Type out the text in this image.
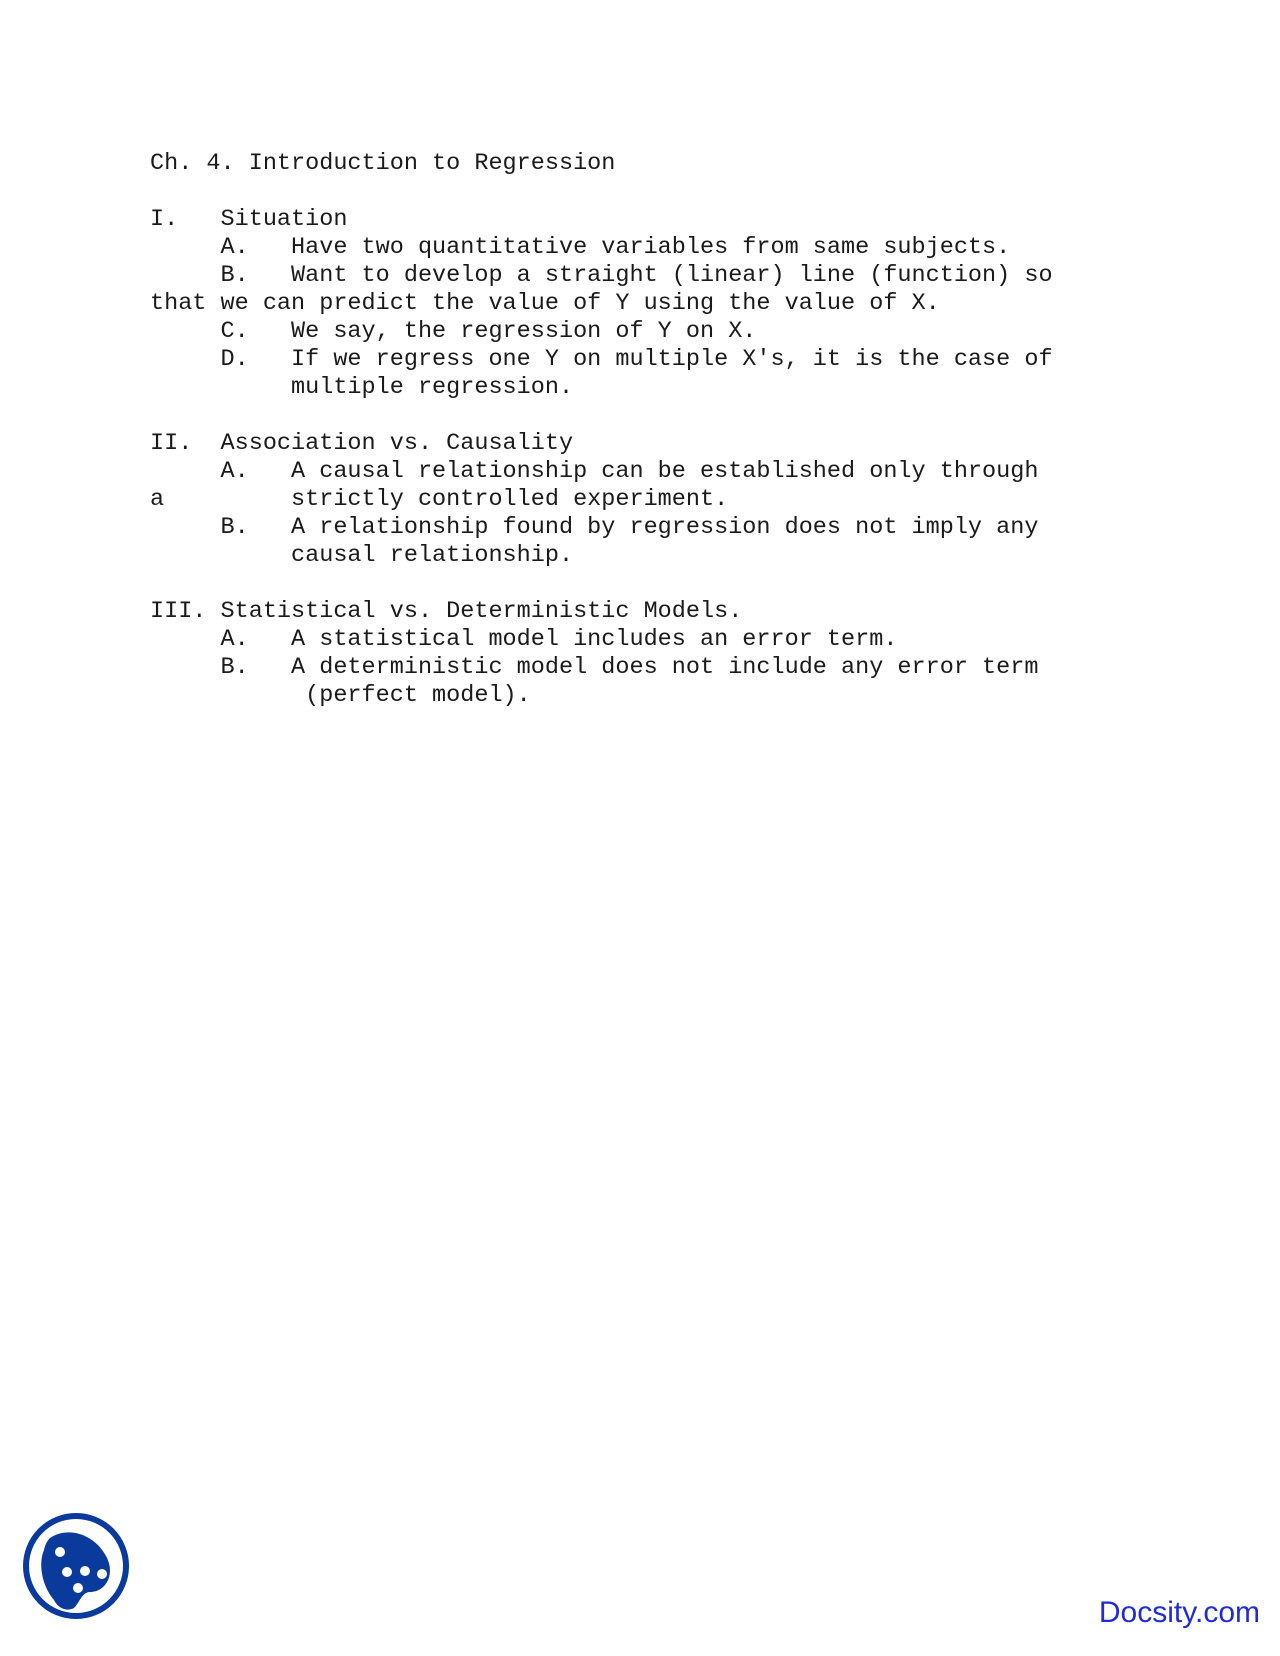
Ch. 4. Introduction to Regression

I.   Situation

A.   Have two quantitative variables from same subjects.

B.   Want to develop a straight (linear) line (function) so

that we can predict the value of Y using the value of X.

C.   We say, the regression of Y on X.

D.   If we regress one Y on multiple X's, it is the case of

multiple regression.

II.  Association vs. Causality

A.   A causal relationship can be established only through

a         strictly controlled experiment.

B.   A relationship found by regression does not imply any

causal relationship.

III. Statistical vs. Deterministic Models.

A.   A statistical model includes an error term.

B.   A deterministic model does not include any error term

(perfect model).

Docsity.com
